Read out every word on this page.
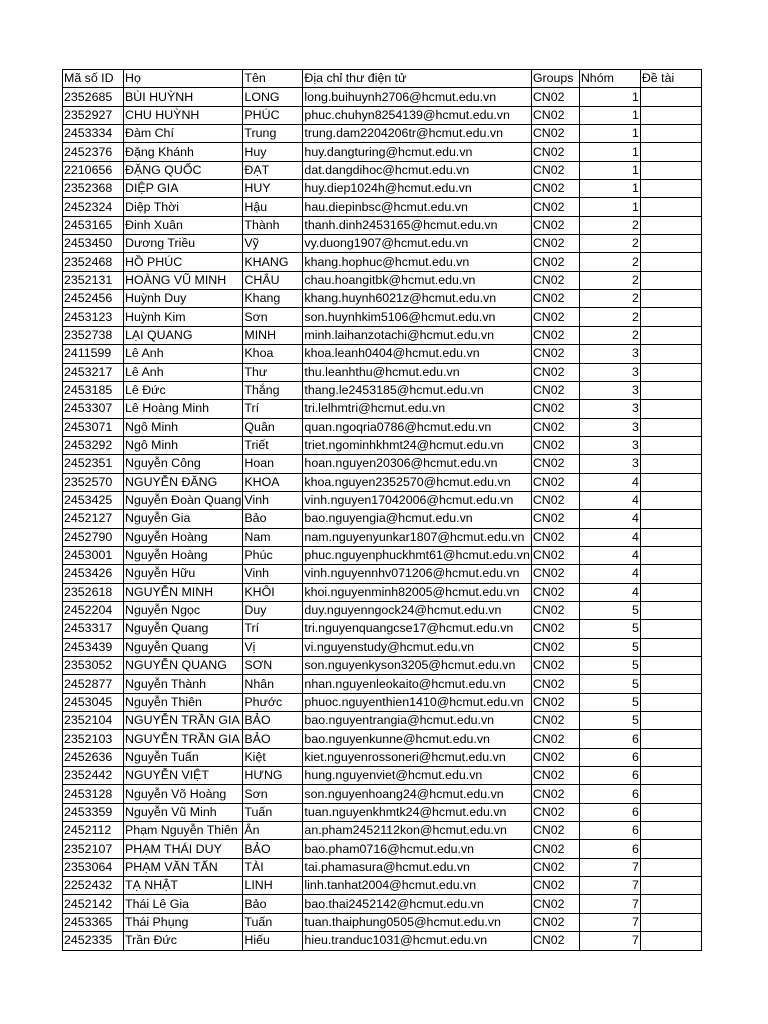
Mã số ID	Họ	Tên	Địa chỉ thư điện tử	Groups	Nhóm	Đề tài
2352685	BÙI HUỲNH	LONG	long.buihuynh2706@hcmut.edu.vn	CN02	1	
2352927	CHU HUỲNH	PHÚC	phuc.chuhyn8254139@hcmut.edu.vn	CN02	1	
2453334	Đàm Chí	Trung	trung.dam2204206tr@hcmut.edu.vn	CN02	1	
2452376	Đặng Khánh	Huy	huy.dangturing@hcmut.edu.vn	CN02	1	
2210656	ĐẶNG QUỐC	ĐẠT	dat.dangdihoc@hcmut.edu.vn	CN02	1	
2352368	DIỆP GIA	HUY	huy.diep1024h@hcmut.edu.vn	CN02	1	
2452324	Diệp Thời	Hậu	hau.diepinbsc@hcmut.edu.vn	CN02	1	
2453165	Đinh Xuân	Thành	thanh.dinh2453165@hcmut.edu.vn	CN02	2	
2453450	Dương Triều	Vỹ	vy.duong1907@hcmut.edu.vn	CN02	2	
2352468	HỒ PHÚC	KHANG	khang.hophuc@hcmut.edu.vn	CN02	2	
2352131	HOÀNG VŨ MINH	CHÂU	chau.hoangitbk@hcmut.edu.vn	CN02	2	
2452456	Huỳnh Duy	Khang	khang.huynh6021z@hcmut.edu.vn	CN02	2	
2453123	Huỳnh Kim	Sơn	son.huynhkim5106@hcmut.edu.vn	CN02	2	
2352738	LẠI QUANG	MINH	minh.laihanzotachi@hcmut.edu.vn	CN02	2	
2411599	Lê Anh	Khoa	khoa.leanh0404@hcmut.edu.vn	CN02	3	
2453217	Lê Anh	Thư	thu.leanhthu@hcmut.edu.vn	CN02	3	
2453185	Lê Đức	Thắng	thang.le2453185@hcmut.edu.vn	CN02	3	
2453307	Lê Hoàng Minh	Trí	tri.lelhmtri@hcmut.edu.vn	CN02	3	
2453071	Ngô Minh	Quân	quan.ngoqria0786@hcmut.edu.vn	CN02	3	
2453292	Ngô Minh	Triết	triet.ngominhkhmt24@hcmut.edu.vn	CN02	3	
2452351	Nguyễn Công	Hoan	hoan.nguyen20306@hcmut.edu.vn	CN02	3	
2352570	NGUYỄN ĐĂNG	KHOA	khoa.nguyen2352570@hcmut.edu.vn	CN02	4	
2453425	Nguyễn Đoàn Quang	Vinh	vinh.nguyen17042006@hcmut.edu.vn	CN02	4	
2452127	Nguyễn Gia	Bảo	bao.nguyengia@hcmut.edu.vn	CN02	4	
2452790	Nguyễn Hoàng	Nam	nam.nguyenyunkar1807@hcmut.edu.vn	CN02	4	
2453001	Nguyễn Hoàng	Phúc	phuc.nguyenphuckhmt61@hcmut.edu.vn	CN02	4	
2453426	Nguyễn Hữu	Vinh	vinh.nguyennhv071206@hcmut.edu.vn	CN02	4	
2352618	NGUYỄN MINH	KHÔI	khoi.nguyenminh82005@hcmut.edu.vn	CN02	4	
2452204	Nguyễn Ngọc	Duy	duy.nguyenngock24@hcmut.edu.vn	CN02	5	
2453317	Nguyễn Quang	Trí	tri.nguyenquangcse17@hcmut.edu.vn	CN02	5	
2453439	Nguyễn Quang	Vị	vi.nguyenstudy@hcmut.edu.vn	CN02	5	
2353052	NGUYỄN QUANG	SƠN	son.nguyenkyson3205@hcmut.edu.vn	CN02	5	
2452877	Nguyễn Thành	Nhân	nhan.nguyenleokaito@hcmut.edu.vn	CN02	5	
2453045	Nguyễn Thiên	Phước	phuoc.nguyenthien1410@hcmut.edu.vn	CN02	5	
2352104	NGUYỄN TRẦN GIA	BẢO	bao.nguyentrangia@hcmut.edu.vn	CN02	5	
2352103	NGUYỄN TRẦN GIA	BẢO	bao.nguyenkunne@hcmut.edu.vn	CN02	6	
2452636	Nguyễn Tuấn	Kiệt	kiet.nguyenrossoneri@hcmut.edu.vn	CN02	6	
2352442	NGUYỄN VIỆT	HƯNG	hung.nguyenviet@hcmut.edu.vn	CN02	6	
2453128	Nguyễn Võ Hoàng	Sơn	son.nguyenhoang24@hcmut.edu.vn	CN02	6	
2453359	Nguyễn Vũ Minh	Tuấn	tuan.nguyenkhmtk24@hcmut.edu.vn	CN02	6	
2452112	Phạm Nguyễn Thiên	Ân	an.pham2452112kon@hcmut.edu.vn	CN02	6	
2352107	PHẠM THÁI DUY	BẢO	bao.pham0716@hcmut.edu.vn	CN02	6	
2353064	PHẠM VĂN TẤN	TÀI	tai.phamasura@hcmut.edu.vn	CN02	7	
2252432	TẠ NHẬT	LINH	linh.tanhat2004@hcmut.edu.vn	CN02	7	
2452142	Thái Lê Gia	Bảo	bao.thai2452142@hcmut.edu.vn	CN02	7	
2453365	Thái Phụng	Tuấn	tuan.thaiphung0505@hcmut.edu.vn	CN02	7	
2452335	Trần Đức	Hiếu	hieu.tranduc1031@hcmut.edu.vn	CN02	7	
